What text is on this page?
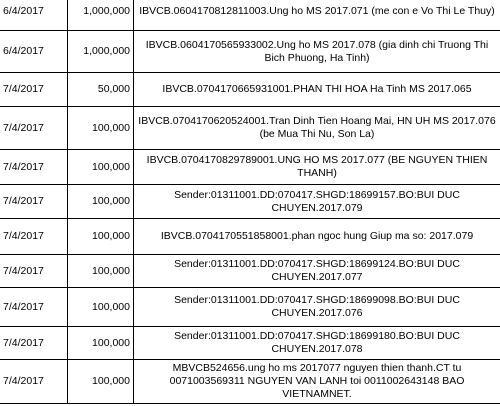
6/4/2017	1,000,000	IBVCB.0604170812811003.Ung ho MS 2017.071 (me con e Vo Thi Le Thuy)
6/4/2017	1,000,000	IBVCB.0604170565933002.Ung ho MS 2017.078 (gia dinh chi Truong Thi Bich Phuong, Ha Tinh)
7/4/2017	50,000	IBVCB.0704170665931001.PHAN THI HOA Ha Tinh MS 2017.065
7/4/2017	100,000	IBVCB.0704170620524001.Tran Dinh Tien Hoang Mai, HN UH MS 2017.076 (be Mua Thi Nu, Son La)
7/4/2017	100,000	IBVCB.0704170829789001.UNG HO MS 2017.077 (BE NGUYEN THIEN THANH)
7/4/2017	100,000	Sender:01311001.DD:070417.SHGD:18699157.BO:BUI DUC CHUYEN.2017.079
7/4/2017	100,000	IBVCB.0704170551858001.phan ngoc hung Giup ma so: 2017.079
7/4/2017	100,000	Sender:01311001.DD:070417.SHGD:18699124.BO:BUI DUC CHUYEN.2017.077
7/4/2017	100,000	Sender:01311001.DD:070417.SHGD:18699098.BO:BUI DUC CHUYEN.2017.076
7/4/2017	100,000	Sender:01311001.DD:070417.SHGD:18699180.BO:BUI DUC CHUYEN.2017.078
7/4/2017	100,000	MBVCB524656.ung ho ms 2017077 nguyen thien thanh.CT tu 0071003569311 NGUYEN VAN LANH toi 0011002643148 BAO VIETNAMNET.
